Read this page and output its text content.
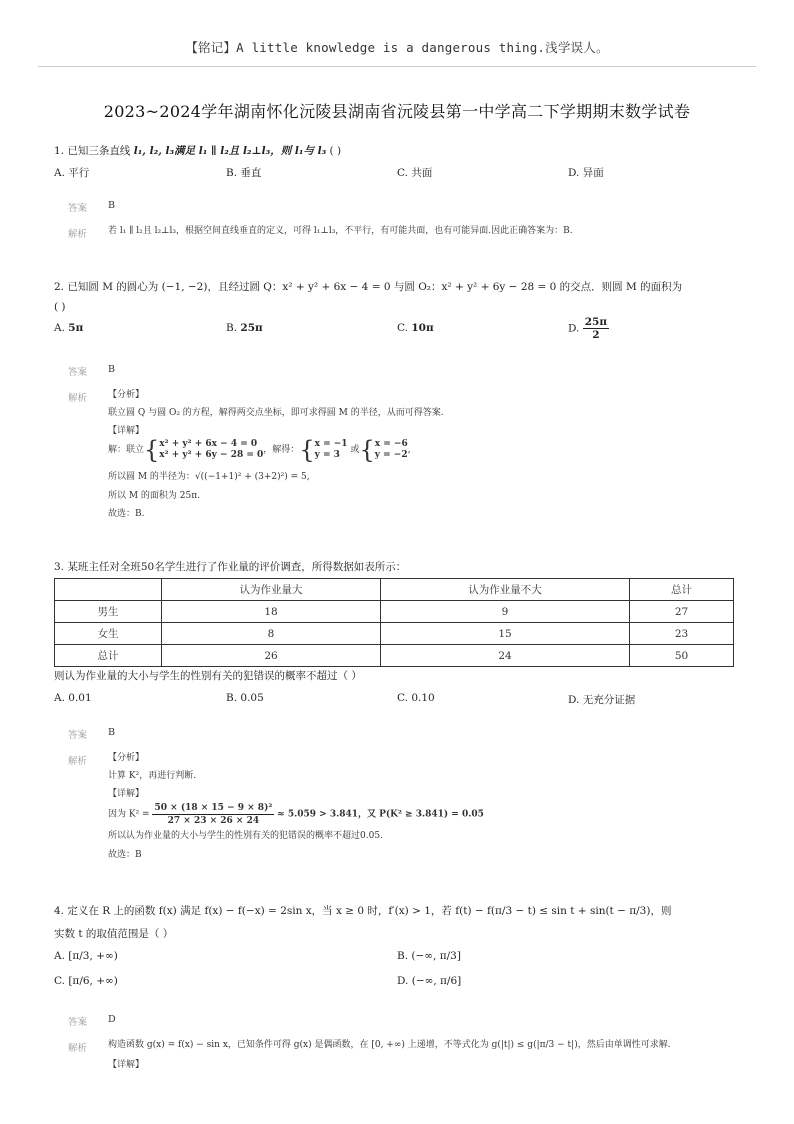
【铭记】A little knowledge is a dangerous thing.浅学误人。
2023~2024学年湖南怀化沅陵县湖南省沅陵县第一中学高二下学期期末数学试卷
1. 已知三条直线 l₁, l₂, l₃满足 l₁ ∥ l₂且 l₂⊥l₃，则 l₁与 l₃ ( )
A. 平行	B. 垂直	C. 共面	D. 异面
答案 B
解析 若 l₁ ∥ l₂且 l₂⊥l₃，根据空间直线垂直的定义，可得 l₁⊥l₃，不平行，有可能共面，也有可能异面.因此正确答案为：B.
2. 已知圆 M 的圆心为 (−1, −2)，且经过圆 Q：x² + y² + 6x − 4 = 0 与圆 O₂：x² + y² + 6y − 28 = 0 的交点．则圆 M 的面积为
( )
A. 5π	B. 25π	C. 10π	D. $\frac{25\pi}{2}$
答案 B
解析 【分析】
联立圆 Q 与圆 O₂ 的方程，解得两交点坐标，即可求得圆 M 的半径，从而可得答案.
【详解】
解：联立{ x² + y² + 6x − 4 = 0
x² + y² + 6y − 28 = 0 ，解得：{ x = −1
y = 3	或{ x = −6
y = −2 ,
所以圆 M 的半径为：√((−1+1)² + (3+2)²) = 5,
所以 M 的面积为 25π.
故选：B.
3. 某班主任对全班50名学生进行了作业量的评价调查，所得数据如表所示：
	认为作业量大	认为作业量不大	总计
男生	18	9	27
女生	8	15	23
总计	26	24	50
则认为作业量的大小与学生的性别有关的犯错误的概率不超过（ ）
A. 0.01	B. 0.05	C. 0.10	D. 无充分证据
答案 B
解析 【分析】
计算 K²，再进行判断.
【详解】
因为 $K^2 = \frac{\text{50 × (18 × 15 − 9 × 8)²}}{27 \times 23 \times 26 \times 24} \approx 5.059 > 3.841$，又 P(K² ≥ 3.841) = 0.05
所以认为作业量的大小与学生的性别有关的犯错误的概率不超过0.05.
故选：B
4. 定义在 R 上的函数 f(x) 满足 f(x) − f(−x) = 2sin x，当 x ≥ 0 时，f′(x) > 1，若 f(t) − f(π/3 − t) ≤ sin t + sin(t − π/3)，则
实数 t 的取值范围是（ ）
A. [π/3, +∞)	B. (−∞, π/3]
C. [π/6, +∞)	D. (−∞, π/6]
答案 D
解析 构造函数 g(x) = f(x) − sin x，已知条件可得 g(x) 是偶函数，在 [0, +∞) 上递增，不等式化为 g(|t|) ≤ g(|π/3 − t|)，然后由单调性可求解.
【详解】
